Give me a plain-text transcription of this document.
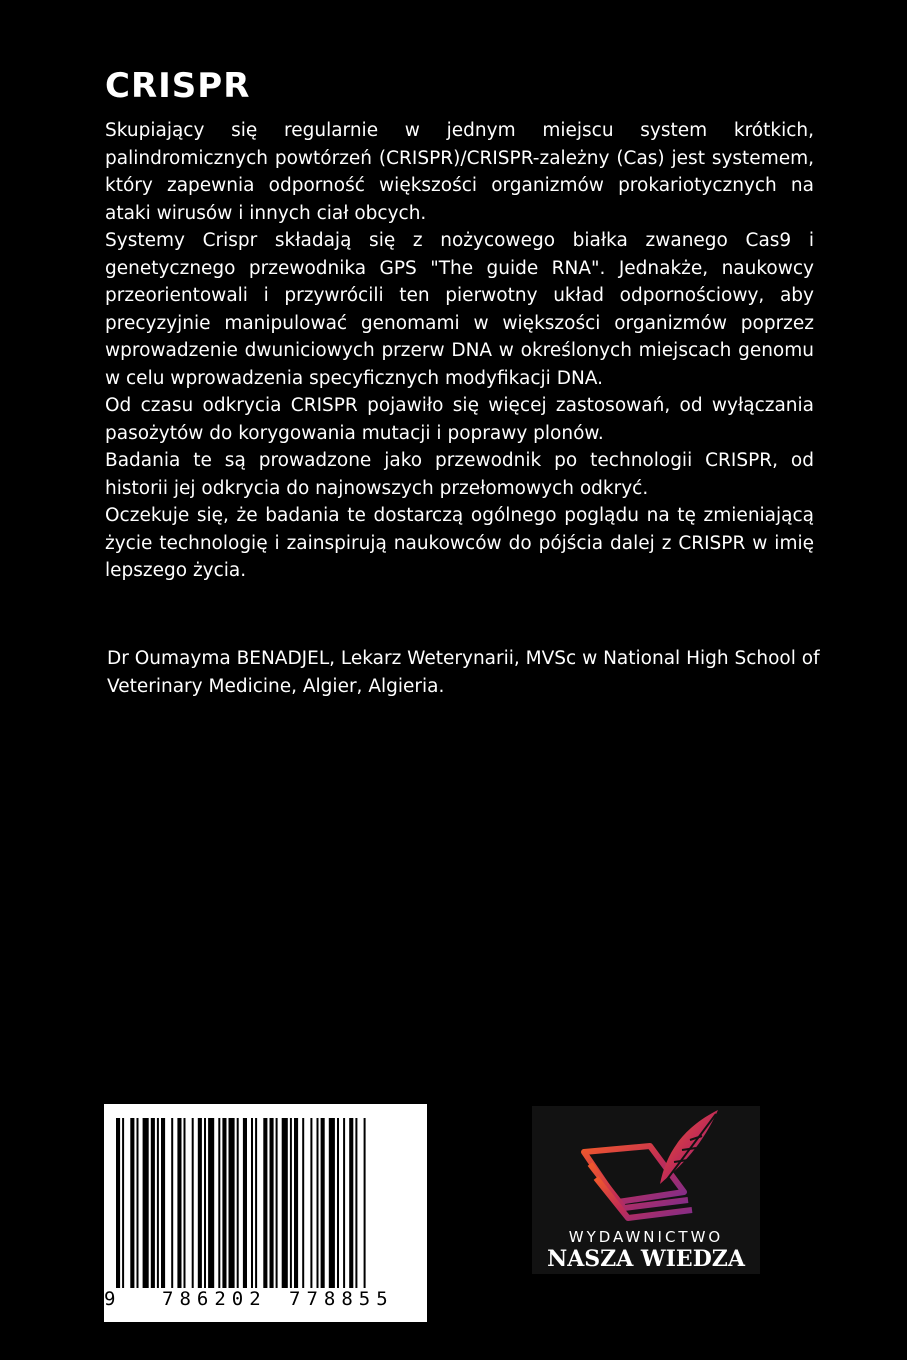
CRISPR

Skupiający się regularnie w jednym miejscu system krótkich, palindromicznych powtórzeń (CRISPR)/CRISPR-zależny (Cas) jest systemem, który zapewnia odporność większości organizmów prokariotycznych na ataki wirusów i innych ciał obcych.

Systemy Crispr składają się z nożycowego białka zwanego Cas9 i genetycznego przewodnika GPS "The guide RNA". Jednakże, naukowcy przeorientowali i przywrócili ten pierwotny układ odpornościowy, aby precyzyjnie manipulować genomami w większości organizmów poprzez wprowadzenie dwuniciowych przerw DNA w określonych miejscach genomu w celu wprowadzenia specyficznych modyfikacji DNA.

Od czasu odkrycia CRISPR pojawiło się więcej zastosowań, od wyłączania pasożytów do korygowania mutacji i poprawy plonów.

Badania te są prowadzone jako przewodnik po technologii CRISPR, od historii jej odkrycia do najnowszych przełomowych odkryć.

Oczekuje się, że badania te dostarczą ogólnego poglądu na tę zmieniającą życie technologię i zainspirują naukowców do pójścia dalej z CRISPR w imię lepszego życia.

Dr Oumayma BENADJEL, Lekarz Weterynarii, MVSc w National High School of Veterinary Medicine, Algier, Algieria.

9 786202 778855
WYDAWNICTWO
NASZA WIEDZA
